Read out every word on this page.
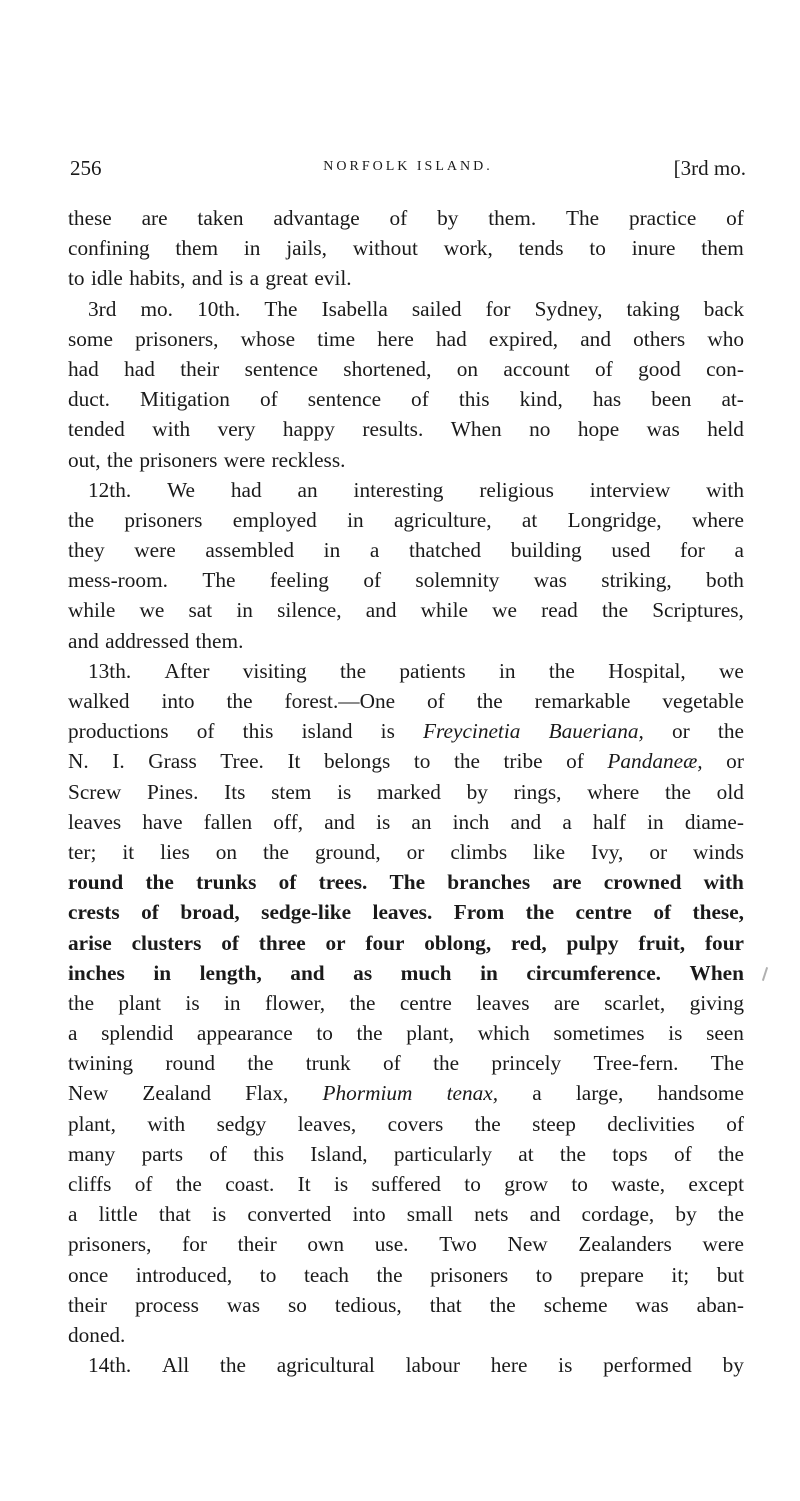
256	NORFOLK ISLAND.	[3rd mo.
these are taken advantage of by them. The practice of
confining them in jails, without work, tends to inure them
to idle habits, and is a great evil.
3rd mo. 10th. The Isabella sailed for Sydney, taking back
some prisoners, whose time here had expired, and others who
had had their sentence shortened, on account of good con-
duct. Mitigation of sentence of this kind, has been at-
tended with very happy results. When no hope was held
out, the prisoners were reckless.
12th. We had an interesting religious interview with
the prisoners employed in agriculture, at Longridge, where
they were assembled in a thatched building used for a
mess-room. The feeling of solemnity was striking, both
while we sat in silence, and while we read the Scriptures,
and addressed them.
13th. After visiting the patients in the Hospital, we
walked into the forest.—One of the remarkable vegetable
productions of this island is Freycinetia Baueriana, or the
N. I. Grass Tree. It belongs to the tribe of Pandaneæ, or
Screw Pines. Its stem is marked by rings, where the old
leaves have fallen off, and is an inch and a half in diame-
ter; it lies on the ground, or climbs like Ivy, or winds
round the trunks of trees. The branches are crowned with
crests of broad, sedge-like leaves. From the centre of these,
arise clusters of three or four oblong, red, pulpy fruit, four
inches in length, and as much in circumference. When
the plant is in flower, the centre leaves are scarlet, giving
a splendid appearance to the plant, which sometimes is seen
twining round the trunk of the princely Tree-fern. The
New Zealand Flax, Phormium tenax, a large, handsome
plant, with sedgy leaves, covers the steep declivities of
many parts of this Island, particularly at the tops of the
cliffs of the coast. It is suffered to grow to waste, except
a little that is converted into small nets and cordage, by the
prisoners, for their own use. Two New Zealanders were
once introduced, to teach the prisoners to prepare it; but
their process was so tedious, that the scheme was aban-
doned.
14th. All the agricultural labour here is performed by
